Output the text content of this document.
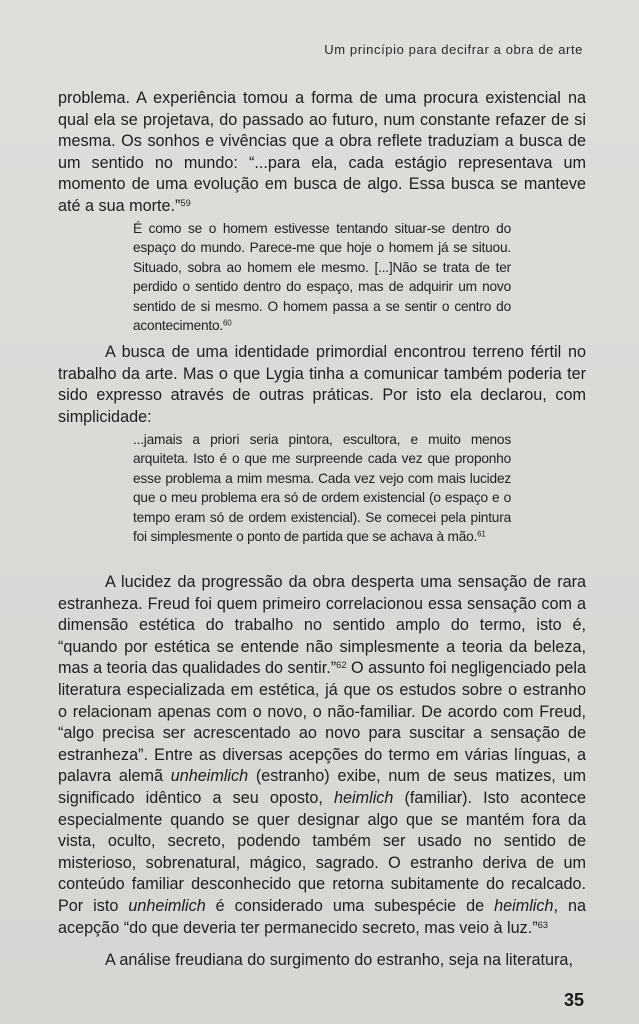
Um princípio para decifrar a obra de arte

problema. A experiência tomou a forma de uma procura existencial na qual ela se projetava, do passado ao futuro, num constante refazer de si mesma. Os sonhos e vivências que a obra reflete traduziam a busca de um sentido no mundo: “...para ela, cada estágio representava um momento de uma evolução em busca de algo. Essa busca se manteve até a sua morte.”$^{59}$

É como se o homem estivesse tentando situar-se dentro do espaço do mundo. Parece-me que hoje o homem já se situou. Situado, sobra ao homem ele mesmo. [...]Não se trata de ter perdido o sentido dentro do espaço, mas de adquirir um novo sentido de si mesmo. O homem passa a se sentir o centro do acontecimento.$^{60}$

A busca de uma identidade primordial encontrou terreno fértil no trabalho da arte. Mas o que Lygia tinha a comunicar também poderia ter sido expresso através de outras práticas. Por isto ela declarou, com simplicidade:

...jamais a priori seria pintora, escultora, e muito menos arquiteta. Isto é o que me surpreende cada vez que proponho esse problema a mim mesma. Cada vez vejo com mais lucidez que o meu problema era só de ordem existencial (o espaço e o tempo eram só de ordem existencial). Se comecei pela pintura foi simplesmente o ponto de partida que se achava à mão.$^{61}$

A lucidez da progressão da obra desperta uma sensação de rara estranheza. Freud foi quem primeiro correlacionou essa sensação com a dimensão estética do trabalho no sentido amplo do termo, isto é, “quando por estética se entende não simplesmente a teoria da beleza, mas a teoria das qualidades do sentir.”$^{62}$ O assunto foi negligenciado pela literatura especializada em estética, já que os estudos sobre o estranho o relacionam apenas com o novo, o não-familiar. De acordo com Freud, “algo precisa ser acrescentado ao novo para suscitar a sensação de estranheza”. Entre as diversas acepções do termo em várias línguas, a palavra alemã unheimlich (estranho) exibe, num de seus matizes, um significado idêntico a seu oposto, heimlich (familiar). Isto acontece especialmente quando se quer designar algo que se mantém fora da vista, oculto, secreto, podendo também ser usado no sentido de misterioso, sobrenatural, mágico, sagrado. O estranho deriva de um conteúdo familiar desconhecido que retorna subitamente do recalcado. Por isto unheimlich é considerado uma subespécie de heimlich, na acepção “do que deveria ter permanecido secreto, mas veio à luz.”$^{63}$

A análise freudiana do surgimento do estranho, seja na literatura,

35
